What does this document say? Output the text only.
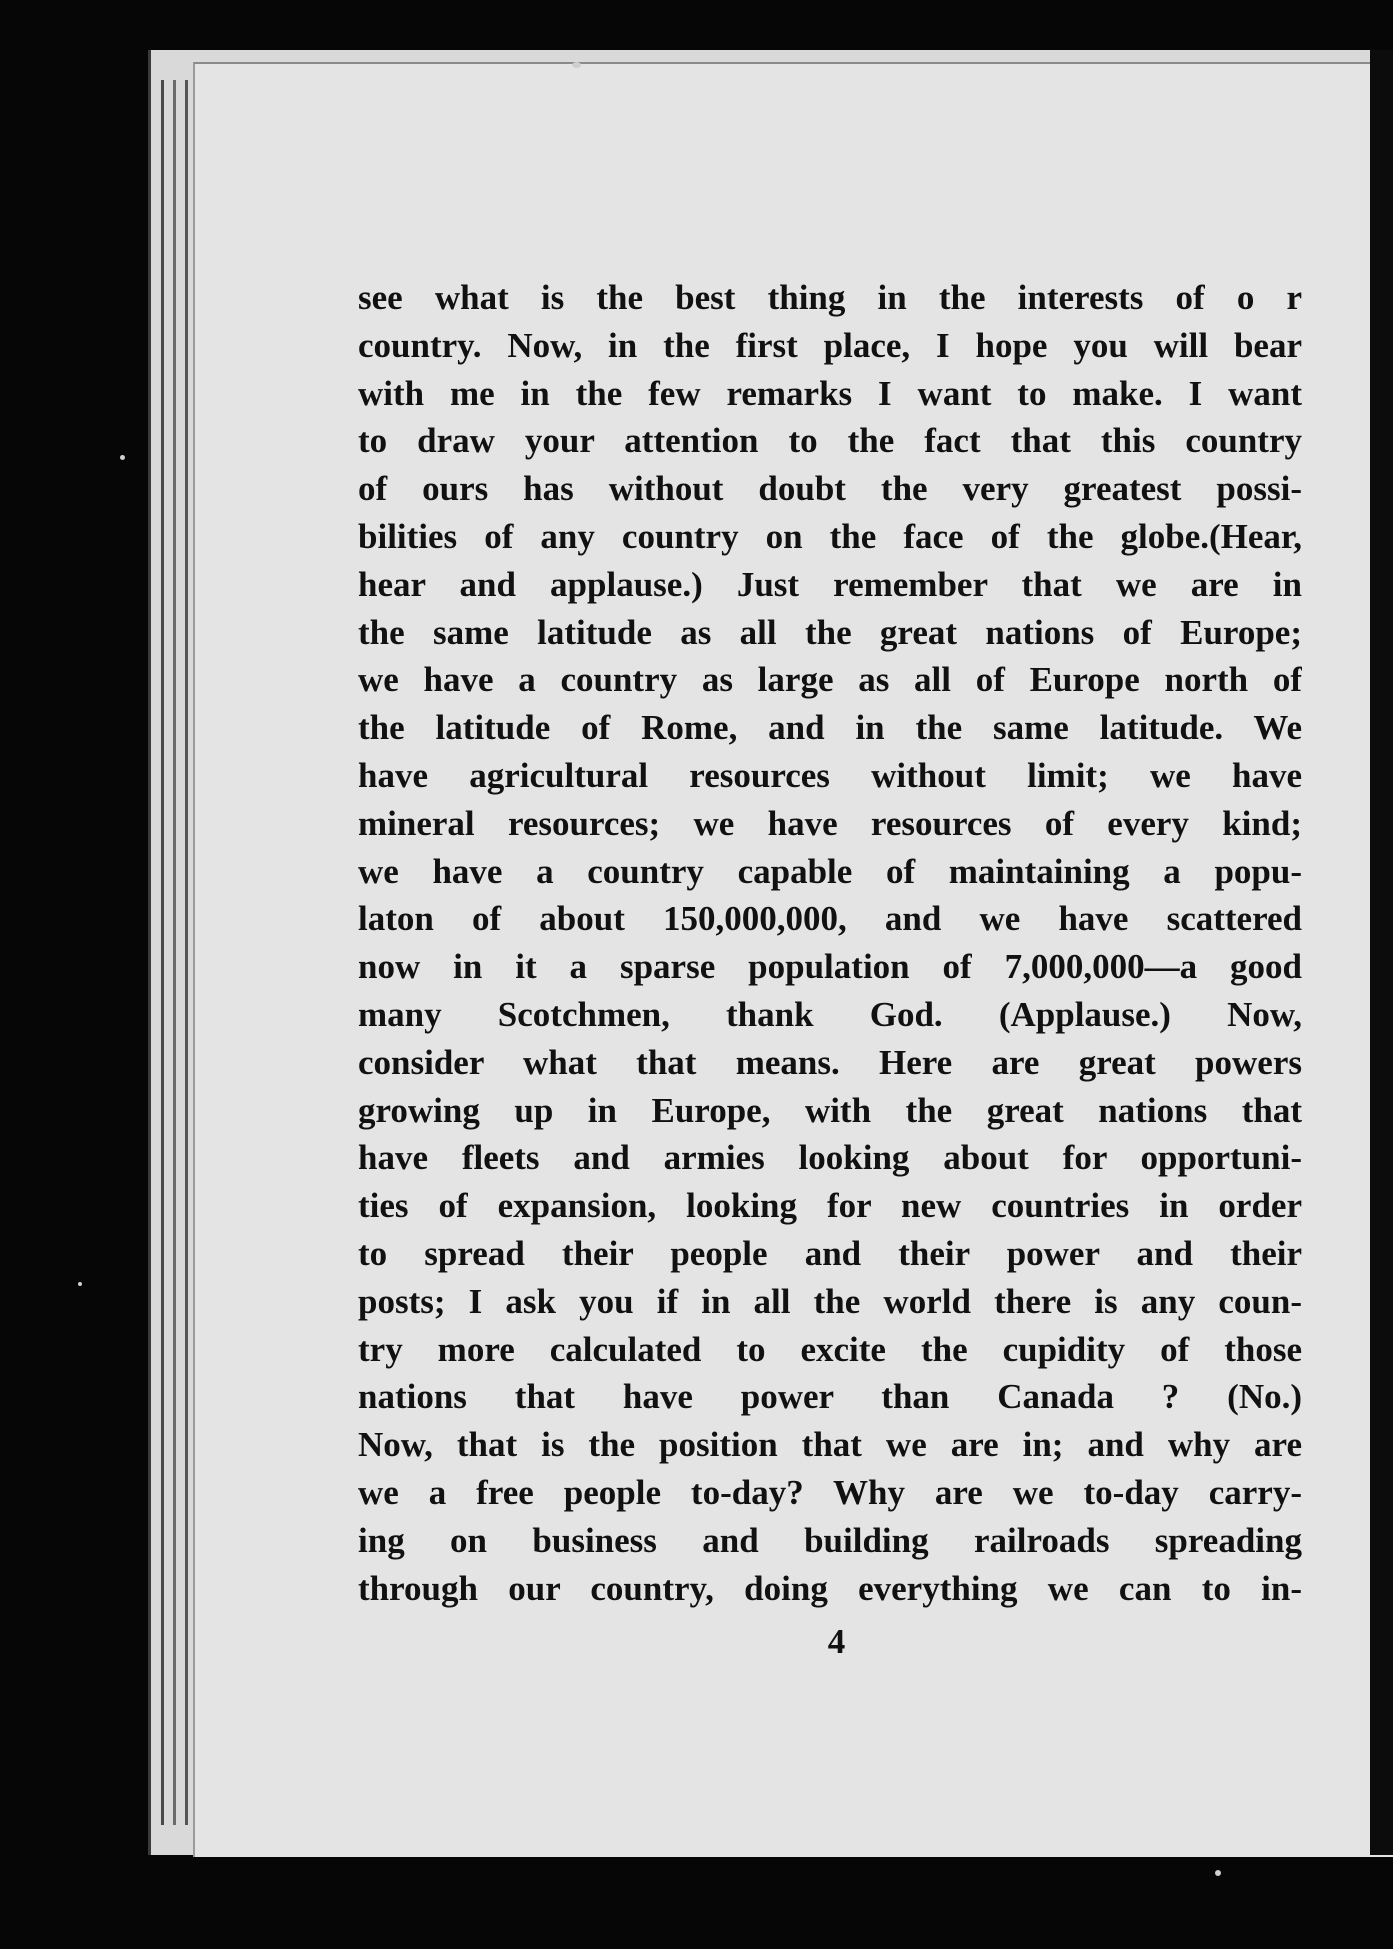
see what is the best thing in the interests of o r
country. Now, in the first place, I hope you will bear
with me in the few remarks I want to make. I want
to draw your attention to the fact that this country
of ours has without doubt the very greatest possi-
bilities of any country on the face of the globe.(Hear,
hear and applause.) Just remember that we are in
the same latitude as all the great nations of Europe;
we have a country as large as all of Europe north of
the latitude of Rome, and in the same latitude. We
have agricultural resources without limit; we have
mineral resources; we have resources of every kind;
we have a country capable of maintaining a popu-
laton of about 150,000,000, and we have scattered
now in it a sparse population of 7,000,000—a good
many Scotchmen, thank God. (Applause.) Now,
consider what that means. Here are great powers
growing up in Europe, with the great nations that
have fleets and armies looking about for opportuni-
ties of expansion, looking for new countries in order
to spread their people and their power and their
posts; I ask you if in all the world there is any coun-
try more calculated to excite the cupidity of those
nations that have power than Canada ? (No.)
Now, that is the position that we are in; and why are
we a free people to-day? Why are we to-day carry-
ing on business and building railroads spreading
through our country, doing everything we can to in-
4
